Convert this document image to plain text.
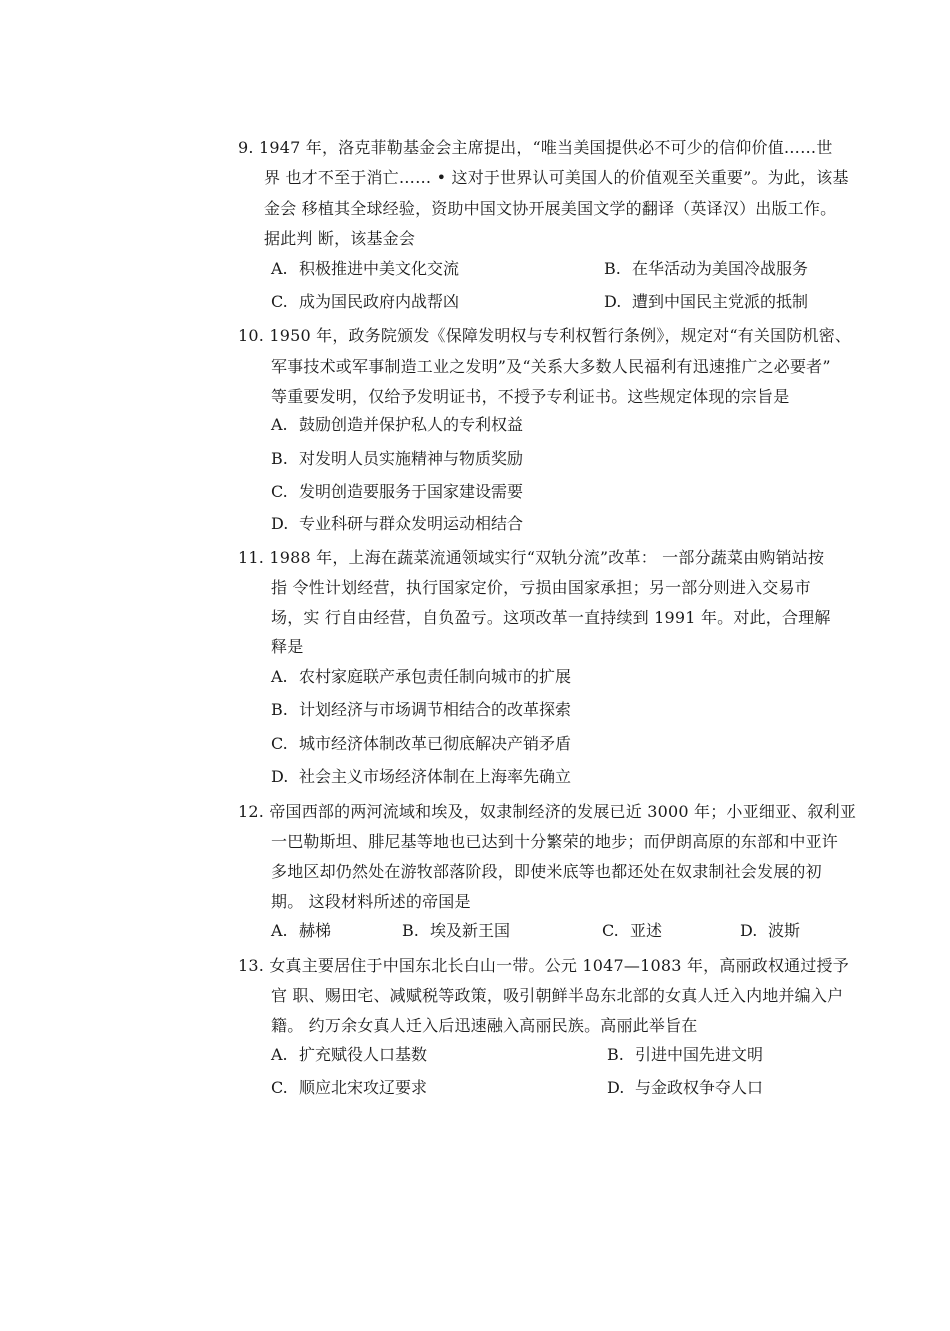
9. 1947 年，洛克菲勒基金会主席提出，“唯当美国提供必不可少的信仰价值……世
界 也才不至于消亡…… • 这对于世界认可美国人的价值观至关重要”。为此，该基
金会 移植其全球经验，资助中国文协开展美国文学的翻译（英译汉）出版工作。
据此判 断，该基金会
A. 积极推进中美文化交流	B. 在华活动为美国冷战服务
C. 成为国民政府内战帮凶	D. 遭到中国民主党派的抵制
10. 1950 年，政务院颁发《保障发明权与专利权暂行条例》，规定对“有关国防机密、
军事技术或军事制造工业之发明”及“关系大多数人民福利有迅速推广之必要者”
等重要发明，仅给予发明证书，不授予专利证书。这些规定体现的宗旨是
A. 鼓励创造并保护私人的专利权益
B. 对发明人员实施精神与物质奖励
C. 发明创造要服务于国家建设需要
D. 专业科研与群众发明运动相结合
11. 1988 年，上海在蔬菜流通领域实行“双轨分流”改革： 一部分蔬菜由购销站按
指 令性计划经营，执行国家定价，亏损由国家承担；另一部分则进入交易市
场，实 行自由经营，自负盈亏。这项改革一直持续到 1991 年。对此，合理解
释是
A. 农村家庭联产承包责任制向城市的扩展
B. 计划经济与市场调节相结合的改革探索
C. 城市经济体制改革已彻底解决产销矛盾
D. 社会主义市场经济体制在上海率先确立
12. 帝国西部的两河流域和埃及，奴隶制经济的发展已近 3000 年；小亚细亚、叙利亚
一巴勒斯坦、腓尼基等地也已达到十分繁荣的地步；而伊朗高原的东部和中亚许
多地区却仍然处在游牧部落阶段，即使米底等也都还处在奴隶制社会发展的初
期。 这段材料所述的帝国是
A. 赫梯	B. 埃及新王国	C. 亚述	D. 波斯
13. 女真主要居住于中国东北长白山一带。公元 1047—1083 年，高丽政权通过授予
官 职、赐田宅、减赋税等政策，吸引朝鲜半岛东北部的女真人迁入内地并编入户
籍。 约万余女真人迁入后迅速融入高丽民族。高丽此举旨在
A. 扩充赋役人口基数	B. 引进中国先进文明
C. 顺应北宋攻辽要求	D. 与金政权争夺人口
